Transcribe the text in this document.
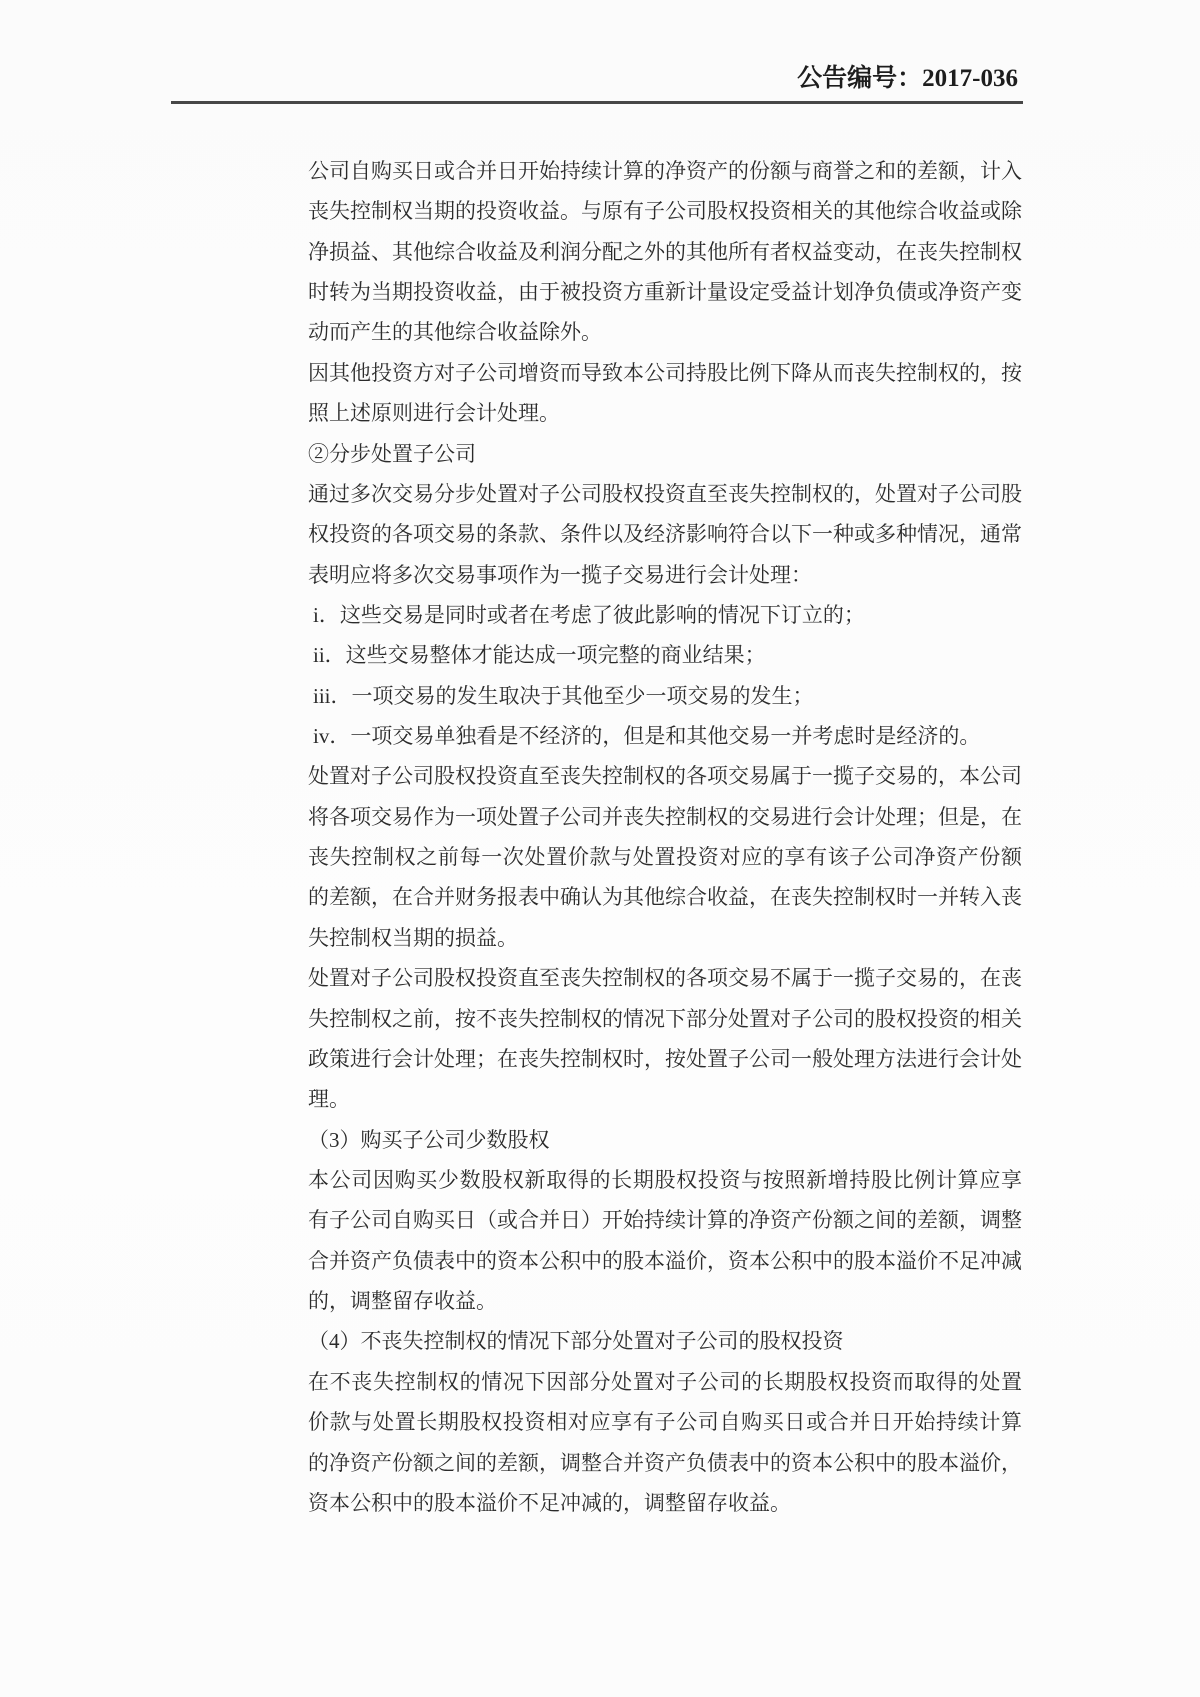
公告编号：2017-036
公司自购买日或合并日开始持续计算的净资产的份额与商誉之和的差额，计入
丧失控制权当期的投资收益。与原有子公司股权投资相关的其他综合收益或除
净损益、其他综合收益及利润分配之外的其他所有者权益变动，在丧失控制权
时转为当期投资收益，由于被投资方重新计量设定受益计划净负债或净资产变
动而产生的其他综合收益除外。
因其他投资方对子公司增资而导致本公司持股比例下降从而丧失控制权的，按
照上述原则进行会计处理。
②分步处置子公司
通过多次交易分步处置对子公司股权投资直至丧失控制权的，处置对子公司股
权投资的各项交易的条款、条件以及经济影响符合以下一种或多种情况，通常
表明应将多次交易事项作为一揽子交易进行会计处理：
i．这些交易是同时或者在考虑了彼此影响的情况下订立的；
ii．这些交易整体才能达成一项完整的商业结果；
iii．一项交易的发生取决于其他至少一项交易的发生；
iv．一项交易单独看是不经济的，但是和其他交易一并考虑时是经济的。
处置对子公司股权投资直至丧失控制权的各项交易属于一揽子交易的，本公司
将各项交易作为一项处置子公司并丧失控制权的交易进行会计处理；但是，在
丧失控制权之前每一次处置价款与处置投资对应的享有该子公司净资产份额
的差额，在合并财务报表中确认为其他综合收益，在丧失控制权时一并转入丧
失控制权当期的损益。
处置对子公司股权投资直至丧失控制权的各项交易不属于一揽子交易的，在丧
失控制权之前，按不丧失控制权的情况下部分处置对子公司的股权投资的相关
政策进行会计处理；在丧失控制权时，按处置子公司一般处理方法进行会计处
理。
（3）购买子公司少数股权
本公司因购买少数股权新取得的长期股权投资与按照新增持股比例计算应享
有子公司自购买日（或合并日）开始持续计算的净资产份额之间的差额，调整
合并资产负债表中的资本公积中的股本溢价，资本公积中的股本溢价不足冲减
的，调整留存收益。
（4）不丧失控制权的情况下部分处置对子公司的股权投资
在不丧失控制权的情况下因部分处置对子公司的长期股权投资而取得的处置
价款与处置长期股权投资相对应享有子公司自购买日或合并日开始持续计算
的净资产份额之间的差额，调整合并资产负债表中的资本公积中的股本溢价，
资本公积中的股本溢价不足冲减的，调整留存收益。
